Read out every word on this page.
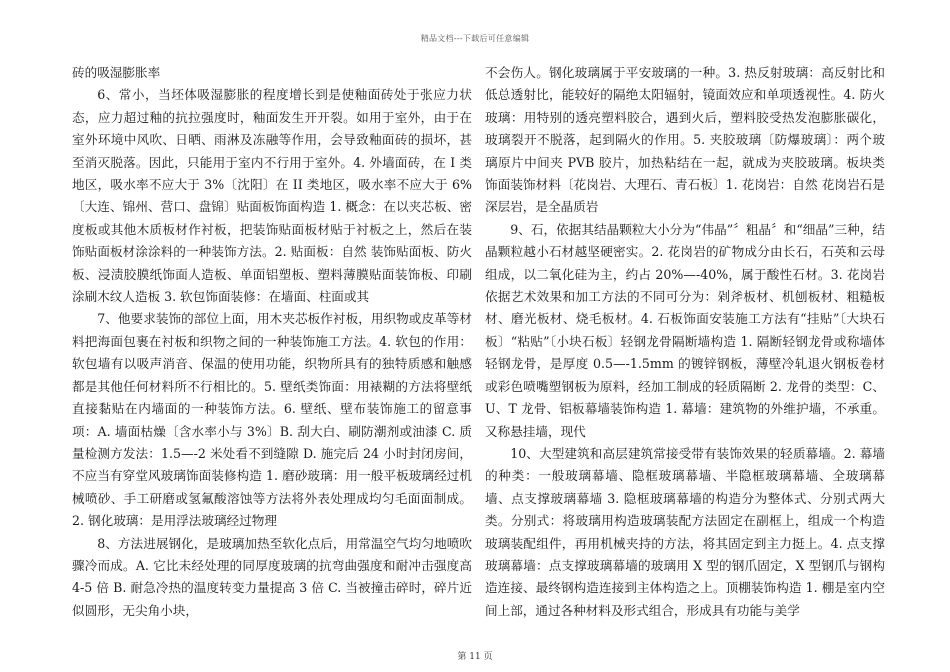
精品文档---下载后可任意编辑

砖的吸湿膨胀率

6、常小，当坯体吸湿膨胀的程度增长到是使釉面砖处于张应力状态，应力超过釉的抗拉强度时，釉面发生开开裂。如用于室外，由于在室外环境中风吹、日晒、雨淋及冻融等作用，会导致釉面砖的损坏，甚至消灭脱落。因此，只能用于室内不行用于室外。4. 外墙面砖，在 I 类地区，吸水率不应大于 3%〔沈阳〕在 II 类地区，吸水率不应大于 6%〔大连、锦州、营口、盘锦〕贴面板饰面构造 1. 概念：在以夹芯板、密度板或其他木质板材作衬板，把装饰贴面板材贴于衬板之上，然后在装饰贴面板材涂涂料的一种装饰方法。2. 贴面板：自然 装饰贴面板、防火板、浸渍胶膜纸饰面人造板、单面铝塑板、塑料薄膜贴面装饰板、印刷涂刷木纹人造板 3. 软包饰面装修：在墙面、柱面或其

7、他要求装饰的部位上面，用木夹芯板作衬板，用织物或皮革等材料把海面包裹在衬板和织物之间的一种装饰施工方法。4. 软包的作用：软包墙有以吸声消音、保温的使用功能，织物所具有的独特质感和触感都是其他任何材料所不行相比的。5. 壁纸类饰面：用裱糊的方法将壁纸直接黏贴在内墙面的一种装饰方法。6. 壁纸、壁布装饰施工的留意事项：A. 墙面枯燥〔含水率小与 3%〕B. 刮大白、刷防潮剂或油漆 C. 质量检测方发法：1.5—-2 米处看不到缝隙 D. 施完后 24 小时封闭房间，不应当有穿堂风玻璃饰面装修构造 1. 磨砂玻璃：用一般平板玻璃经过机械喷砂、手工研磨或氢氟酸溶蚀等方法将外表处理成均匀毛面面制成。2. 钢化玻璃：是用浮法玻璃经过物理

8、方法进展钢化，是玻璃加热至软化点后，用常温空气均匀地喷吹骤冷而成。A. 它比未经处理的同厚度玻璃的抗弯曲强度和耐冲击强度高 4-5 倍 B. 耐急冷热的温度转变力量提高 3 倍 C. 当被撞击碎时，碎片近似圆形，无尖角小块，

不会伤人。钢化玻璃属于平安玻璃的一种。3. 热反射玻璃：高反射比和低总透射比，能较好的隔绝太阳辐射，镜面效应和单项透视性。4. 防火玻璃：用特别的透亮塑料胶合，遇到火后，塑料胶受热发泡膨胀碳化，玻璃裂开不脱落，起到隔火的作用。5. 夹胶玻璃〔防爆玻璃〕：两个玻璃原片中间夹 PVB 胶片，加热粘结在一起，就成为夹胶玻璃。板块类饰面装饰材料〔花岗岩、大理石、青石板〕1. 花岗岩：自然 花岗岩石是深层岩，是全晶质岩

9、石，依据其结晶颗粒大小分为“伟晶”〞粗晶〞和“细晶”三种，结晶颗粒越小石材越坚硬密实。2. 花岗岩的矿物成分由长石，石英和云母组成，以二氧化硅为主，约占 20%—-40%，属于酸性石材。3. 花岗岩依据艺术效果和加工方法的不同可分为：剁斧板材、机刨板材、粗糙板材、磨光板材、烧毛板材。4. 石板饰面安装施工方法有“挂贴”〔大块石板〕“粘贴”〔小块石板〕轻钢龙骨隔断墙构造 1. 隔断轻钢龙骨或称墙体轻钢龙骨，是厚度 0.5—-1.5mm 的镀锌钢板，薄壁冷轧退火钢板卷材或彩色喷嘴塑钢板为原料，经加工制成的轻质隔断 2. 龙骨的类型：C、U、T 龙骨、铝板幕墙装饰构造 1. 幕墙：建筑物的外维护墙，不承重。又称悬挂墙，现代

10、大型建筑和高层建筑常接受带有装饰效果的轻质幕墙。2. 幕墙的种类：一般玻璃幕墙、隐框玻璃幕墙、半隐框玻璃幕墙、全玻璃幕墙、点支撑玻璃幕墙 3. 隐框玻璃幕墙的构造分为整体式、分别式两大类。分别式：将玻璃用构造玻璃装配方法固定在副框上，组成一个构造玻璃装配组件，再用机械夹持的方法，将其固定到主力挺上。4. 点支撑玻璃幕墙：点支撑玻璃幕墙的玻璃用 X 型的钢爪固定，X 型钢爪与钢构造连接、最终钢构造连接到主体构造之上。顶棚装饰构造 1. 棚是室内空间上部，通过各种材料及形式组合，形成具有功能与美学

第 11 页
